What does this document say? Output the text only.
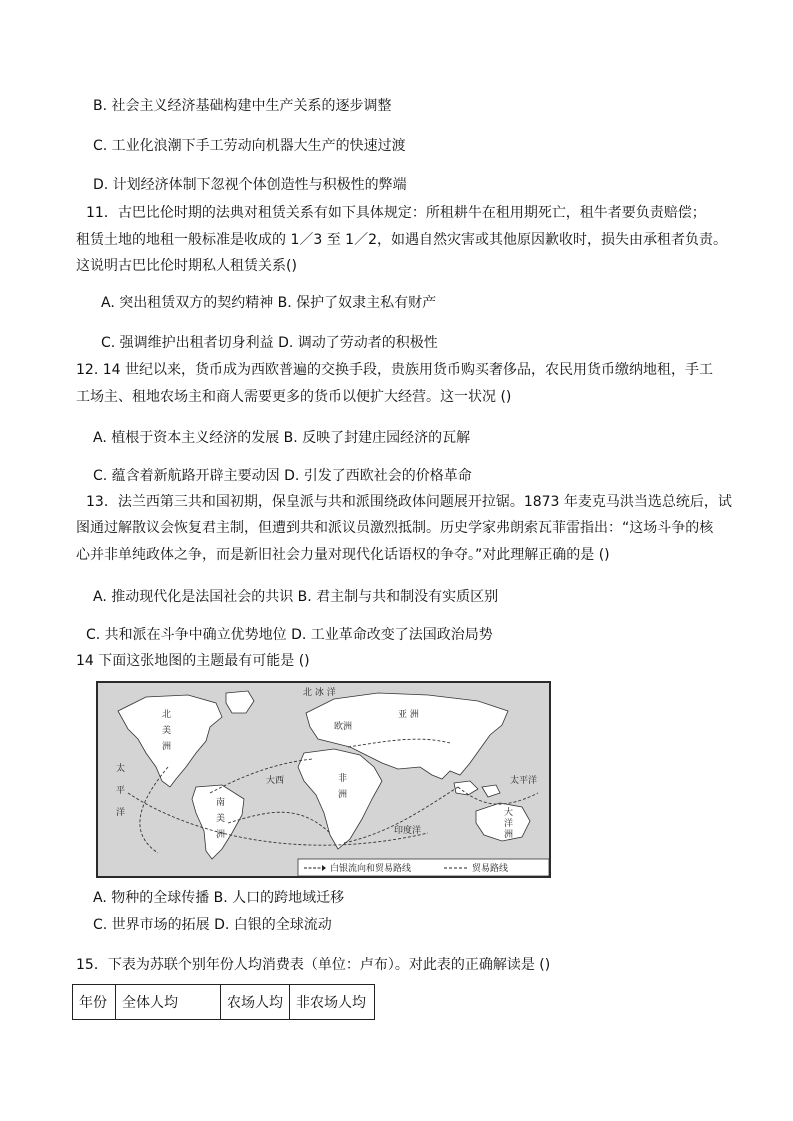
B. 社会主义经济基础构建中生产关系的逐步调整
C. 工业化浪潮下手工劳动向机器大生产的快速过渡
D. 计划经济体制下忽视个体创造性与积极性的弊端
11．古巴比伦时期的法典对租赁关系有如下具体规定：所租耕牛在租用期死亡，租牛者要负责赔偿；
租赁土地的地租一般标准是收成的 1／3 至 1／2，如遇自然灾害或其他原因歉收时，损失由承租者负责。
这说明古巴比伦时期私人租赁关系()
A. 突出租赁双方的契约精神 B. 保护了奴隶主私有财产
C. 强调维护出租者切身利益 D. 调动了劳动者的积极性
12. 14 世纪以来，货币成为西欧普遍的交换手段，贵族用货币购买奢侈品，农民用货币缴纳地租，手工
工场主、租地农场主和商人需要更多的货币以便扩大经营。这一状况 ()
A. 植根于资本主义经济的发展 B. 反映了封建庄园经济的瓦解
C. 蕴含着新航路开辟主要动因 D. 引发了西欧社会的价格革命
13．法兰西第三共和国初期，保皇派与共和派围绕政体问题展开拉锯。1873 年麦克马洪当选总统后，试
图通过解散议会恢复君主制，但遭到共和派议员激烈抵制。历史学家弗朗索瓦菲雷指出：“这场斗争的核
心并非单纯政体之争，而是新旧社会力量对现代化话语权的争夺。”对此理解正确的是 ()
A. 推动现代化是法国社会的共识 B. 君主制与共和制没有实质区别
C. 共和派在斗争中确立优势地位 D. 工业革命改变了法国政治局势
14 下面这张地图的主题最有可能是 ()
北 冰 洋
北
美
洲
南
美
洲
欧洲
亚 洲
非
洲
大
洋
洲
太
平
洋
太平洋
大西
印度洋
白银流向和贸易路线	贸易路线
A. 物种的全球传播 B. 人口的跨地域迁移
C. 世界市场的拓展 D. 白银的全球流动
15．下表为苏联个别年份人均消费表（单位：卢布）。对此表的正确解读是 ()
年份	全体人均	农场人均	非农场人均
